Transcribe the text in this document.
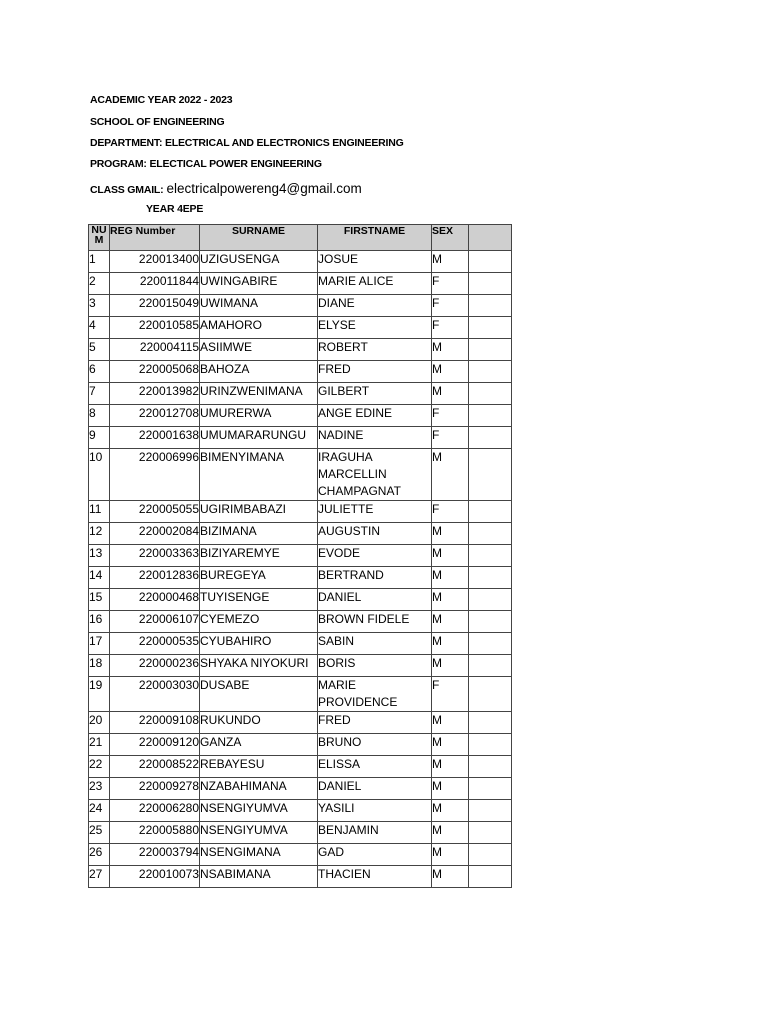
ACADEMIC YEAR 2022 - 2023
SCHOOL OF ENGINEERING
DEPARTMENT: ELECTRICAL AND ELECTRONICS ENGINEERING
PROGRAM: ELECTICAL POWER ENGINEERING
CLASS GMAIL: electricalpowereng4@gmail.com
YEAR 4EPE
NU M	REG Number	SURNAME	FIRSTNAME	SEX	
1	220013400	UZIGUSENGA	JOSUE	M	
2	220011844	UWINGABIRE	MARIE ALICE	F	
3	220015049	UWIMANA	DIANE	F	
4	220010585	AMAHORO	ELYSE	F	
5	220004115	ASIIMWE	ROBERT	M	
6	220005068	BAHOZA	FRED	M	
7	220013982	URINZWENIMANA	GILBERT	M	
8	220012708	UMURERWA	ANGE EDINE	F	
9	220001638	UMUMARARUNGU	NADINE	F	
10	220006996	BIMENYIMANA	IRAGUHA MARCELLIN CHAMPAGNAT	M	
11	220005055	UGIRIMBABAZI	JULIETTE	F	
12	220002084	BIZIMANA	AUGUSTIN	M	
13	220003363	BIZIYAREMYE	EVODE	M	
14	220012836	BUREGEYA	BERTRAND	M	
15	220000468	TUYISENGE	DANIEL	M	
16	220006107	CYEMEZO	BROWN FIDELE	M	
17	220000535	CYUBAHIRO	SABIN	M	
18	220000236	SHYAKA NIYOKURI	BORIS	M	
19	220003030	DUSABE	MARIE PROVIDENCE	F	
20	220009108	RUKUNDO	FRED	M	
21	220009120	GANZA	BRUNO	M	
22	220008522	REBAYESU	ELISSA	M	
23	220009278	NZABAHIMANA	DANIEL	M	
24	220006280	NSENGIYUMVA	YASILI	M	
25	220005880	NSENGIYUMVA	BENJAMIN	M	
26	220003794	NSENGIMANA	GAD	M	
27	220010073	NSABIMANA	THACIEN	M	
